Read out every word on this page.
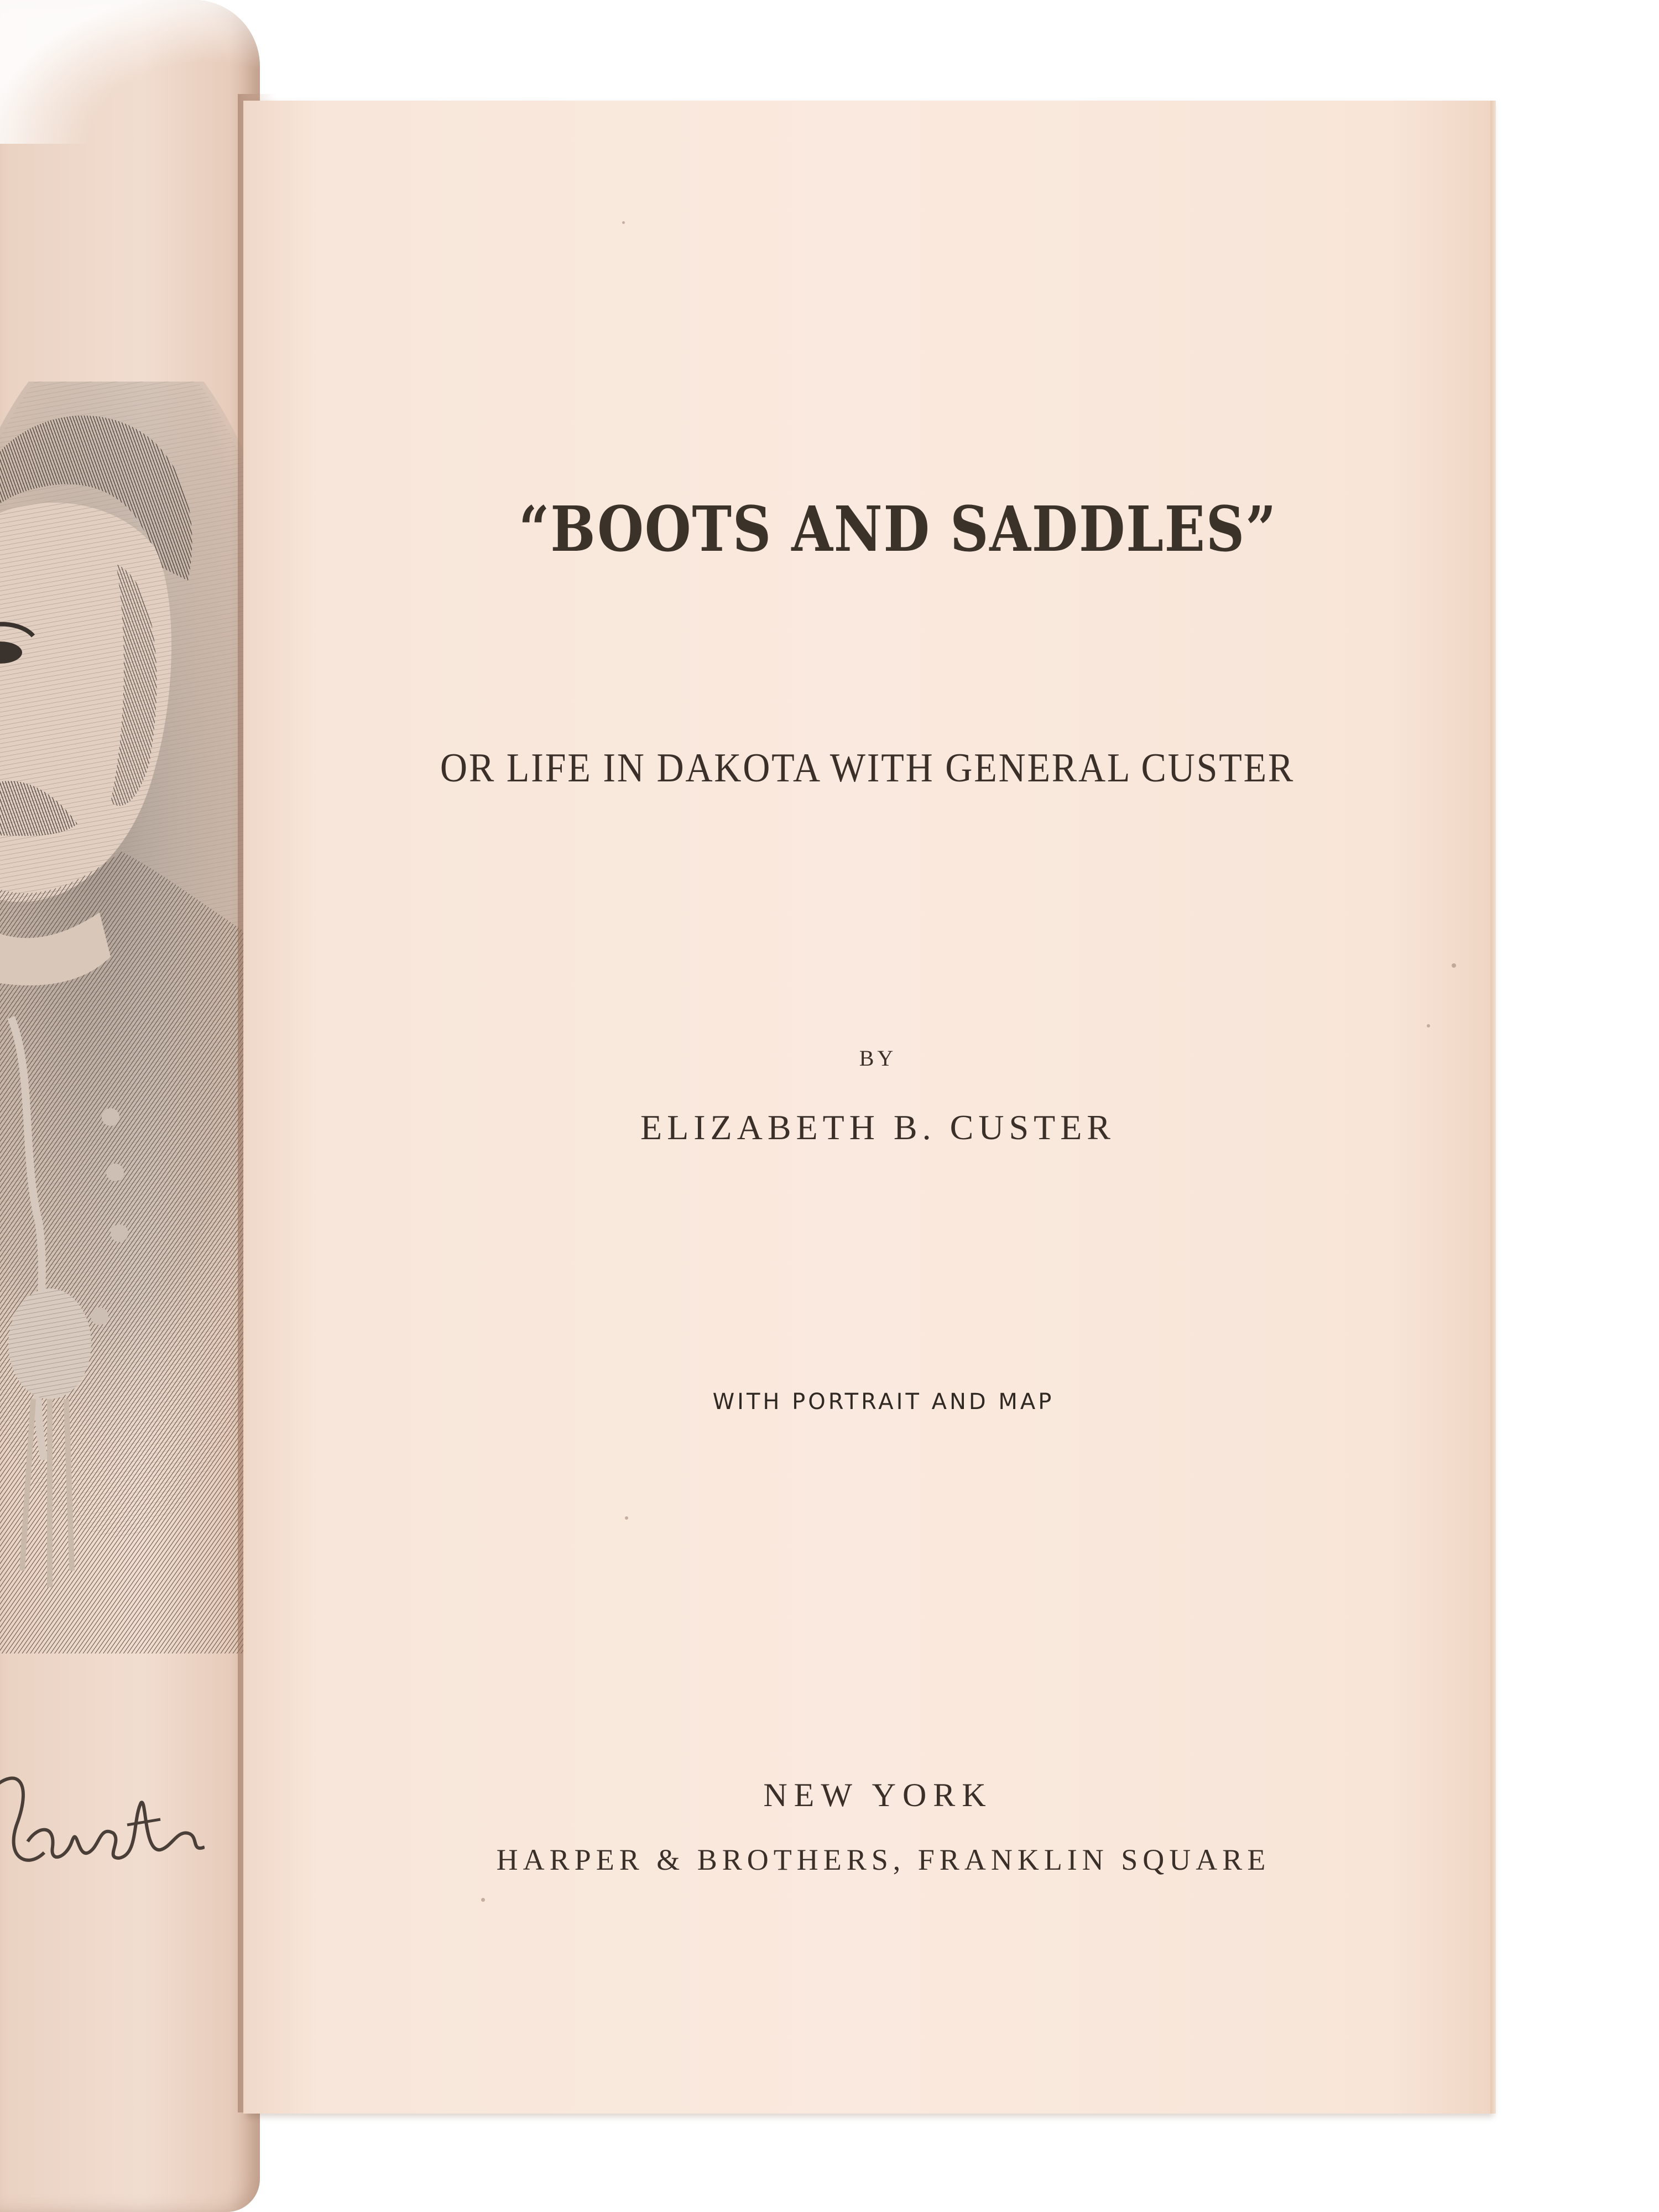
“BOOTS AND SADDLES”
OR LIFE IN DAKOTA WITH GENERAL CUSTER
BY
ELIZABETH B. CUSTER
WITH PORTRAIT AND MAP
NEW YORK
HARPER & BROTHERS, FRANKLIN SQUARE
